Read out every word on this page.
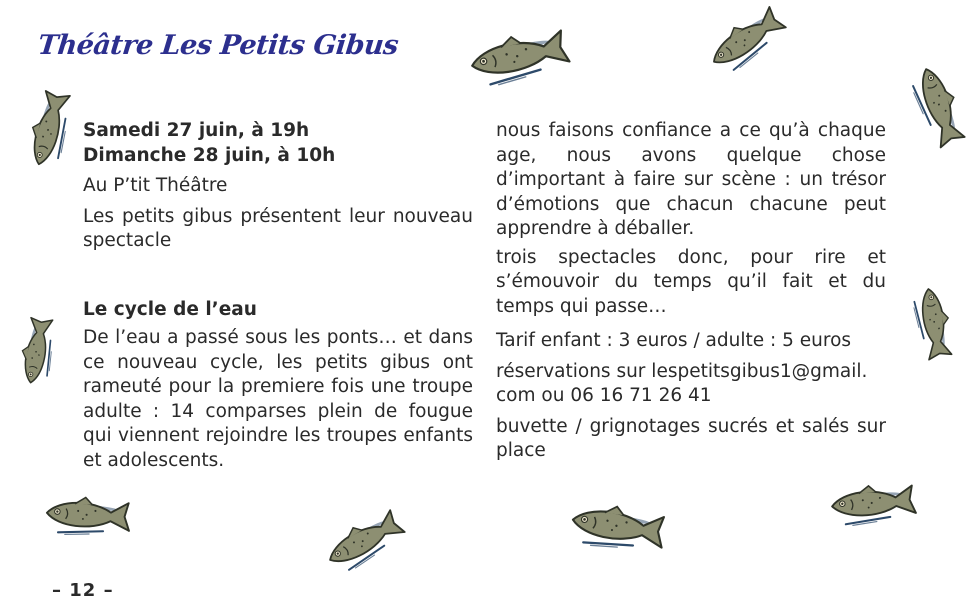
Théâtre Les Petits Gibus

Samedi 27 juin, à 19h

Dimanche 28 juin, à 10h

Au P’tit Théâtre

Les petits gibus présentent leur nouveau spectacle

Le cycle de l’eau

De l’eau a passé sous les ponts… et dans ce nouveau cycle, les petits gibus ont rameuté pour la premiere fois une troupe adulte : 14 comparses plein de fougue qui viennent rejoindre les troupes enfants et adolescents.

nous faisons confiance a ce qu’à chaque age, nous avons quelque chose d’important à faire sur scène : un trésor d’émotions que chacun chacune peut apprendre à déballer.

trois spectacles donc, pour rire et s’émouvoir du temps qu’il fait et du temps qui passe…

Tarif enfant : 3 euros / adulte : 5 euros

réservations sur lespetitsgibus1@gmail. com ou 06 16 71 26 41

buvette / grignotages sucrés et salés sur place

– 12 –
